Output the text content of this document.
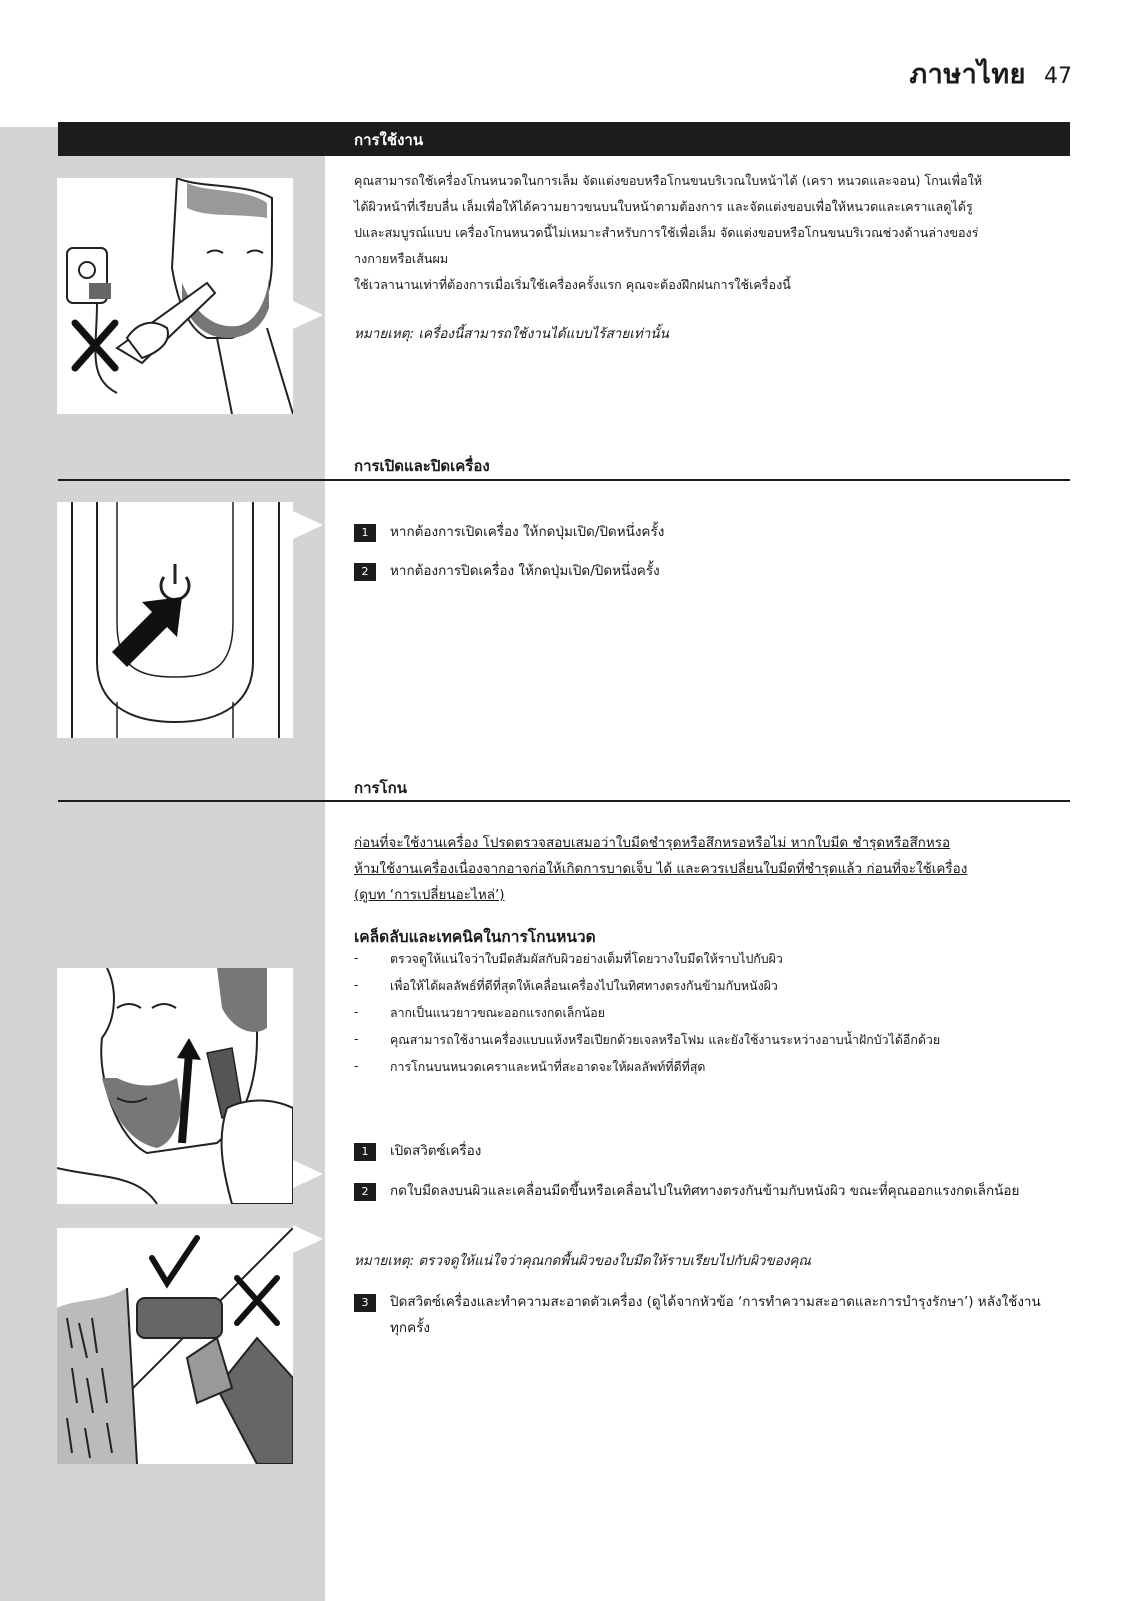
ภาษาไทย 47
การใช้งาน
คุณสามารถใช้เครื่องโกนหนวดในการเล็ม จัดแต่งขอบหรือโกนขนบริเวณใบหน้าได้ (เครา หนวดและจอน) โกนเพื่อให้
ได้ผิวหน้าที่เรียบลื่น เล็มเพื่อให้ได้ความยาวขนบนใบหน้าตามต้องการ และจัดแต่งขอบเพื่อให้หนวดและเคราแลดูได้รู
ปและสมบูรณ์แบบ เครื่องโกนหนวดนี้ไม่เหมาะสำหรับการใช้เพื่อเล็ม จัดแต่งขอบหรือโกนขนบริเวณช่วงด้านล่างของร่
างกายหรือเส้นผม
ใช้เวลานานเท่าที่ต้องการเมื่อเริ่มใช้เครื่องครั้งแรก คุณจะต้องฝึกฝนการใช้เครื่องนี้
หมายเหตุ: เครื่องนี้สามารถใช้งานได้แบบไร้สายเท่านั้น
การเปิดและปิดเครื่อง
1	หากต้องการเปิดเครื่อง ให้กดปุ่มเปิด/ปิดหนึ่งครั้ง
2	หากต้องการปิดเครื่อง ให้กดปุ่มเปิด/ปิดหนึ่งครั้ง
การโกน
ก่อนที่จะใช้งานเครื่อง โปรดตรวจสอบเสมอว่าใบมีดชำรุดหรือสึกหรอหรือไม่ หากใบมีด ชำรุดหรือสึกหรอ
ห้ามใช้งานเครื่องเนื่องจากอาจก่อให้เกิดการบาดเจ็บ ได้ และควรเปลี่ยนใบมีดที่ชำรุดแล้ว ก่อนที่จะใช้เครื่อง
(ดูบท ‘การเปลี่ยนอะไหล่’)
เคล็ดลับและเทคนิคในการโกนหนวด
- ตรวจดูให้แน่ใจว่าใบมีดสัมผัสกับผิวอย่างเต็มที่โดยวางใบมีดให้ราบไปกับผิว
- เพื่อให้ได้ผลลัพธ์ที่ดีที่สุดให้เคลื่อนเครื่องไปในทิศทางตรงกันข้ามกับหนังผิว
- ลากเป็นแนวยาวขณะออกแรงกดเล็กน้อย
- คุณสามารถใช้งานเครื่องแบบแห้งหรือเปียกด้วยเจลหรือโฟม และยังใช้งานระหว่างอาบน้ำฝักบัวได้อีกด้วย
- การโกนบนหนวดเคราและหน้าที่สะอาดจะให้ผลลัพท์ที่ดีที่สุด
1	เปิดสวิตซ์เครื่อง
2	กดใบมีดลงบนผิวและเคลื่อนมีดขึ้นหรือเคลื่อนไปในทิศทางตรงกันข้ามกับหนังผิว ขณะที่คุณออกแรงกดเล็กน้อย
หมายเหตุ: ตรวจดูให้แน่ใจว่าคุณกดพื้นผิวของใบมีดให้ราบเรียบไปกับผิวของคุณ
3	ปิดสวิตซ์เครื่องและทำความสะอาดตัวเครื่อง (ดูได้จากหัวข้อ ‘การทำความสะอาดและการบำรุงรักษา’) หลังใช้งานทุกครั้ง
